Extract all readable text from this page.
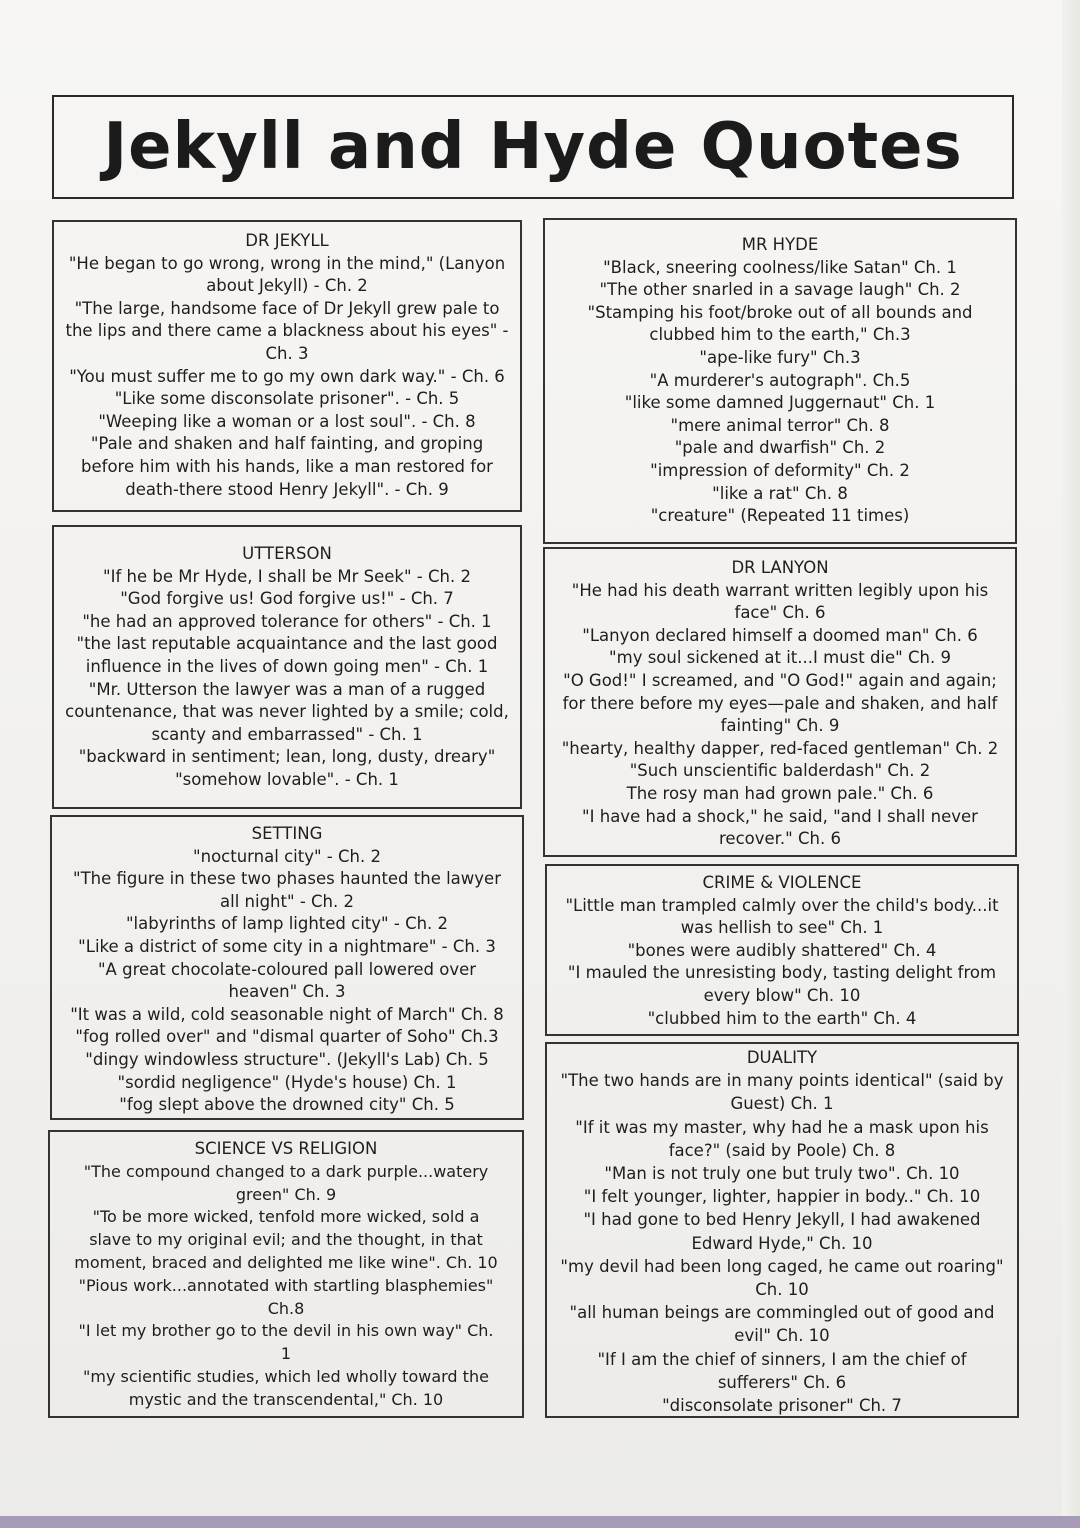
Jekyll and Hyde Quotes
DR JEKYLL
"He began to go wrong, wrong in the mind," (Lanyon
about Jekyll) - Ch. 2
"The large, handsome face of Dr Jekyll grew pale to
the lips and there came a blackness about his eyes" -
Ch. 3
"You must suffer me to go my own dark way." - Ch. 6
"Like some disconsolate prisoner". - Ch. 5
"Weeping like a woman or a lost soul". - Ch. 8
"Pale and shaken and half fainting, and groping
before him with his hands, like a man restored for
death-there stood Henry Jekyll". - Ch. 9
UTTERSON
"If he be Mr Hyde, I shall be Mr Seek" - Ch. 2
"God forgive us! God forgive us!" - Ch. 7
"he had an approved tolerance for others" - Ch. 1
"the last reputable acquaintance and the last good
influence in the lives of down going men" - Ch. 1
"Mr. Utterson the lawyer was a man of a rugged
countenance, that was never lighted by a smile; cold,
scanty and embarrassed" - Ch. 1
"backward in sentiment; lean, long, dusty, dreary"
"somehow lovable". - Ch. 1
SETTING
"nocturnal city" - Ch. 2
"The figure in these two phases haunted the lawyer
all night" - Ch. 2
"labyrinths of lamp lighted city" - Ch. 2
"Like a district of some city in a nightmare" - Ch. 3
"A great chocolate-coloured pall lowered over
heaven" Ch. 3
"It was a wild, cold seasonable night of March" Ch. 8
"fog rolled over" and "dismal quarter of Soho" Ch.3
"dingy windowless structure". (Jekyll's Lab) Ch. 5
"sordid negligence" (Hyde's house) Ch. 1
"fog slept above the drowned city" Ch. 5
SCIENCE VS RELIGION
"The compound changed to a dark purple...watery
green" Ch. 9
"To be more wicked, tenfold more wicked, sold a
slave to my original evil; and the thought, in that
moment, braced and delighted me like wine". Ch. 10
"Pious work...annotated with startling blasphemies"
Ch.8
"I let my brother go to the devil in his own way" Ch.
1
"my scientific studies, which led wholly toward the
mystic and the transcendental," Ch. 10
MR HYDE
"Black, sneering coolness/like Satan" Ch. 1
"The other snarled in a savage laugh" Ch. 2
"Stamping his foot/broke out of all bounds and
clubbed him to the earth," Ch.3
"ape-like fury" Ch.3
"A murderer's autograph". Ch.5
"like some damned Juggernaut" Ch. 1
"mere animal terror" Ch. 8
"pale and dwarfish" Ch. 2
"impression of deformity" Ch. 2
"like a rat" Ch. 8
"creature" (Repeated 11 times)
DR LANYON
"He had his death warrant written legibly upon his
face" Ch. 6
"Lanyon declared himself a doomed man" Ch. 6
"my soul sickened at it...I must die" Ch. 9
"O God!" I screamed, and "O God!" again and again;
for there before my eyes—pale and shaken, and half
fainting" Ch. 9
"hearty, healthy dapper, red-faced gentleman" Ch. 2
"Such unscientific balderdash" Ch. 2
The rosy man had grown pale." Ch. 6
"I have had a shock," he said, "and I shall never
recover." Ch. 6
CRIME & VIOLENCE
"Little man trampled calmly over the child's body...it
was hellish to see" Ch. 1
"bones were audibly shattered" Ch. 4
"I mauled the unresisting body, tasting delight from
every blow" Ch. 10
"clubbed him to the earth" Ch. 4
DUALITY
"The two hands are in many points identical" (said by
Guest) Ch. 1
"If it was my master, why had he a mask upon his
face?" (said by Poole) Ch. 8
"Man is not truly one but truly two". Ch. 10
"I felt younger, lighter, happier in body.." Ch. 10
"I had gone to bed Henry Jekyll, I had awakened
Edward Hyde," Ch. 10
"my devil had been long caged, he came out roaring"
Ch. 10
"all human beings are commingled out of good and
evil" Ch. 10
"If I am the chief of sinners, I am the chief of
sufferers" Ch. 6
"disconsolate prisoner" Ch. 7
